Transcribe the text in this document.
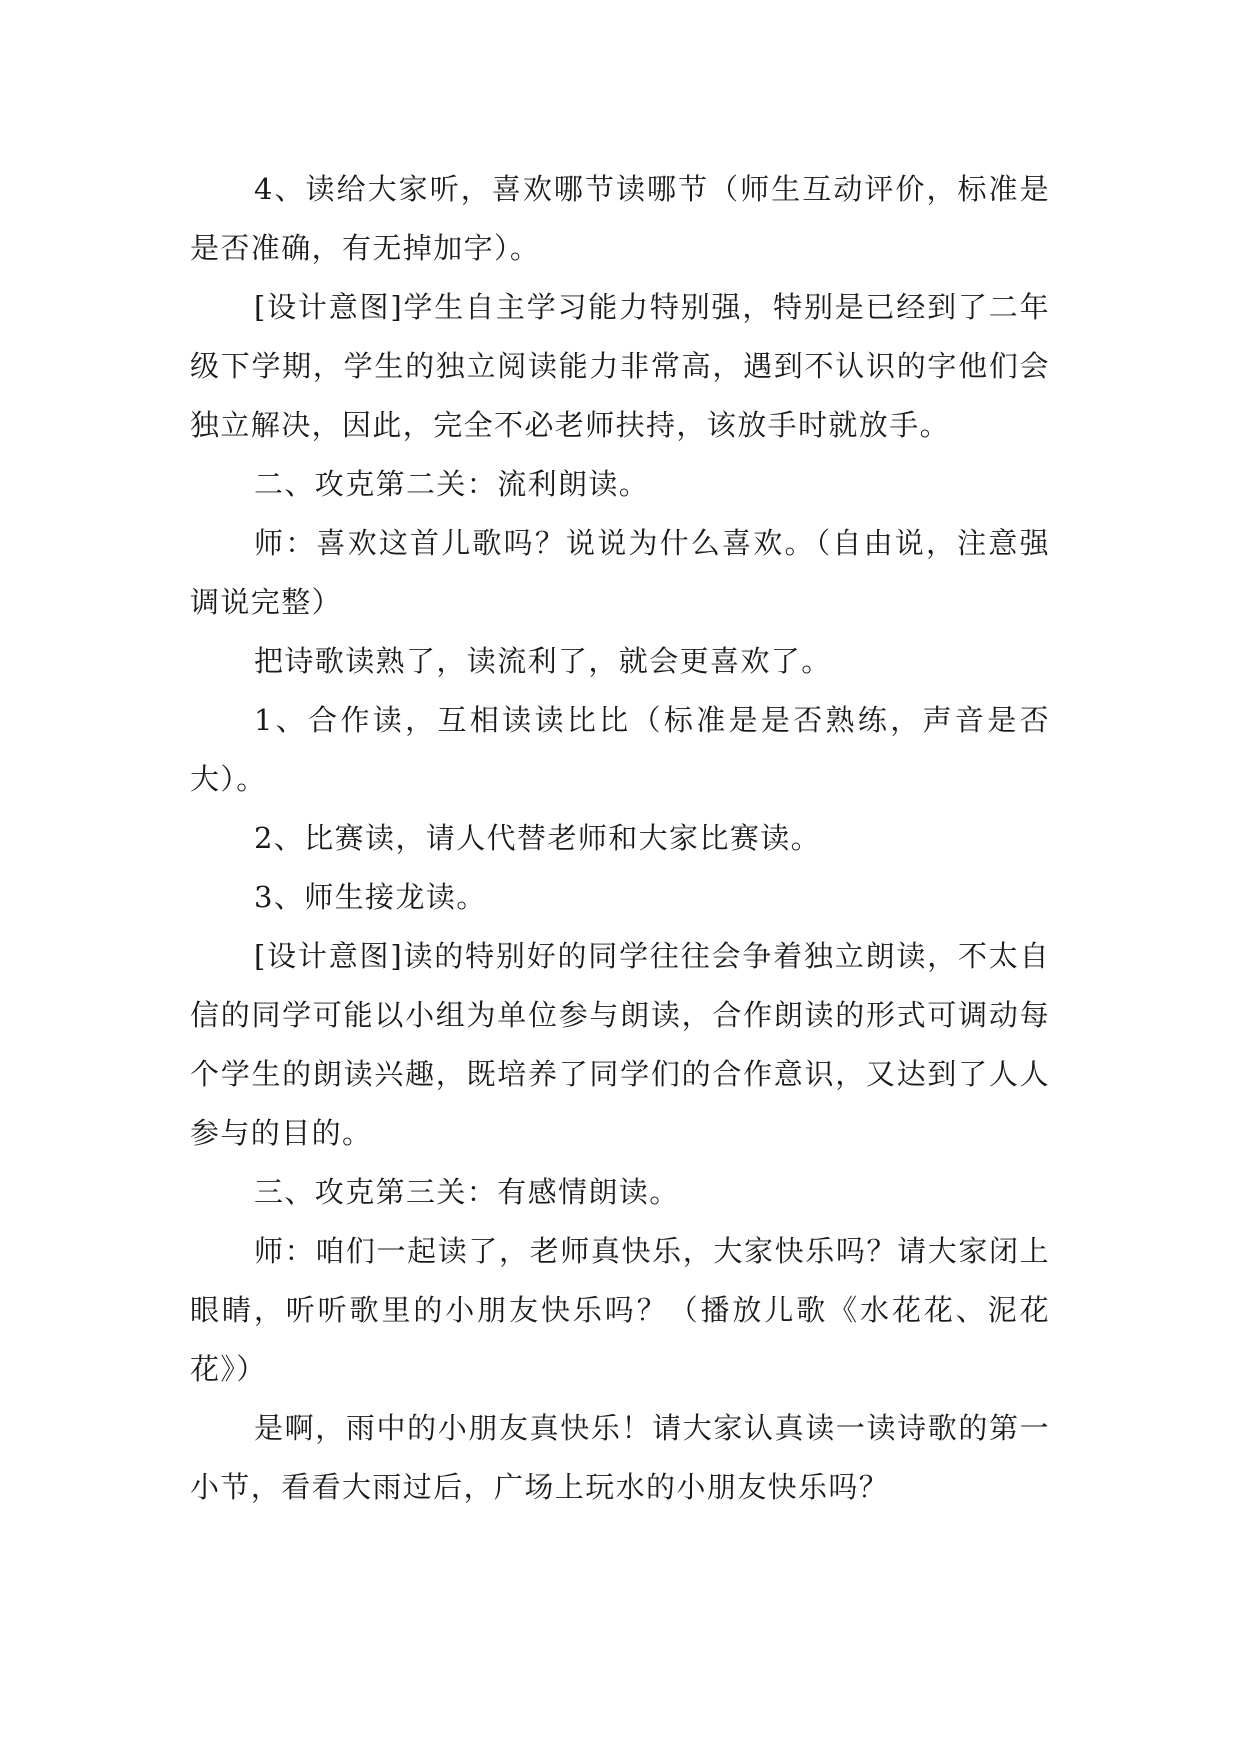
4、读给大家听，喜欢哪节读哪节（师生互动评价，标准是是否准确，有无掉加字）。

[设计意图]学生自主学习能力特别强，特别是已经到了二年级下学期，学生的独立阅读能力非常高，遇到不认识的字他们会独立解决，因此，完全不必老师扶持，该放手时就放手。

二、攻克第二关：流利朗读。

师：喜欢这首儿歌吗？说说为什么喜欢。（自由说，注意强调说完整）

把诗歌读熟了，读流利了，就会更喜欢了。

1、合作读，互相读读比比（标准是是否熟练，声音是否大）。

2、比赛读，请人代替老师和大家比赛读。

3、师生接龙读。

[设计意图]读的特别好的同学往往会争着独立朗读，不太自信的同学可能以小组为单位参与朗读，合作朗读的形式可调动每个学生的朗读兴趣，既培养了同学们的合作意识，又达到了人人参与的目的。

三、攻克第三关：有感情朗读。

师：咱们一起读了，老师真快乐，大家快乐吗？请大家闭上眼睛，听听歌里的小朋友快乐吗？（播放儿歌《水花花、泥花花》）

是啊，雨中的小朋友真快乐！请大家认真读一读诗歌的第一小节，看看大雨过后，广场上玩水的小朋友快乐吗？
